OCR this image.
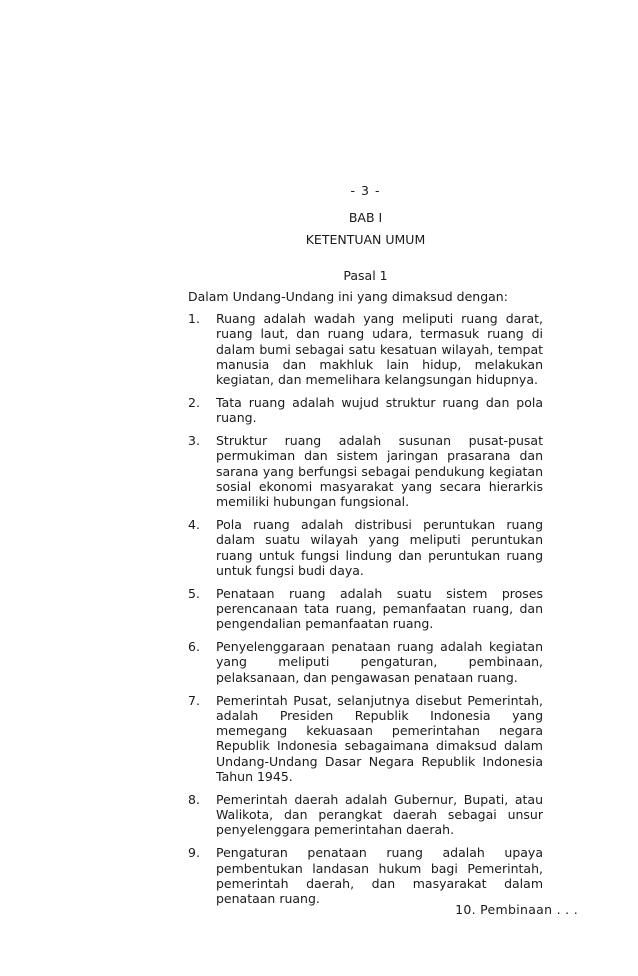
- 3 -
BAB I
KETENTUAN UMUM
Pasal 1
Dalam Undang-Undang ini yang dimaksud dengan:
1. Ruang adalah wadah yang meliputi ruang darat, ruang laut, dan ruang udara, termasuk ruang di dalam bumi sebagai satu kesatuan wilayah, tempat manusia dan makhluk lain hidup, melakukan kegiatan, dan memelihara kelangsungan hidupnya.
2. Tata ruang adalah wujud struktur ruang dan pola ruang.
3. Struktur ruang adalah susunan pusat-pusat permukiman dan sistem jaringan prasarana dan sarana yang berfungsi sebagai pendukung kegiatan sosial ekonomi masyarakat yang secara hierarkis memiliki hubungan fungsional.
4. Pola ruang adalah distribusi peruntukan ruang dalam suatu wilayah yang meliputi peruntukan ruang untuk fungsi lindung dan peruntukan ruang untuk fungsi budi daya.
5. Penataan ruang adalah suatu sistem proses perencanaan tata ruang, pemanfaatan ruang, dan pengendalian pemanfaatan ruang.
6. Penyelenggaraan penataan ruang adalah kegiatan yang meliputi pengaturan, pembinaan, pelaksanaan, dan pengawasan penataan ruang.
7. Pemerintah Pusat, selanjutnya disebut Pemerintah, adalah Presiden Republik Indonesia yang memegang kekuasaan pemerintahan negara Republik Indonesia sebagaimana dimaksud dalam Undang-Undang Dasar Negara Republik Indonesia Tahun 1945.
8. Pemerintah daerah adalah Gubernur, Bupati, atau Walikota, dan perangkat daerah sebagai unsur penyelenggara pemerintahan daerah.
9. Pengaturan penataan ruang adalah upaya pembentukan landasan hukum bagi Pemerintah, pemerintah daerah, dan masyarakat dalam penataan ruang.
10. Pembinaan . . .
